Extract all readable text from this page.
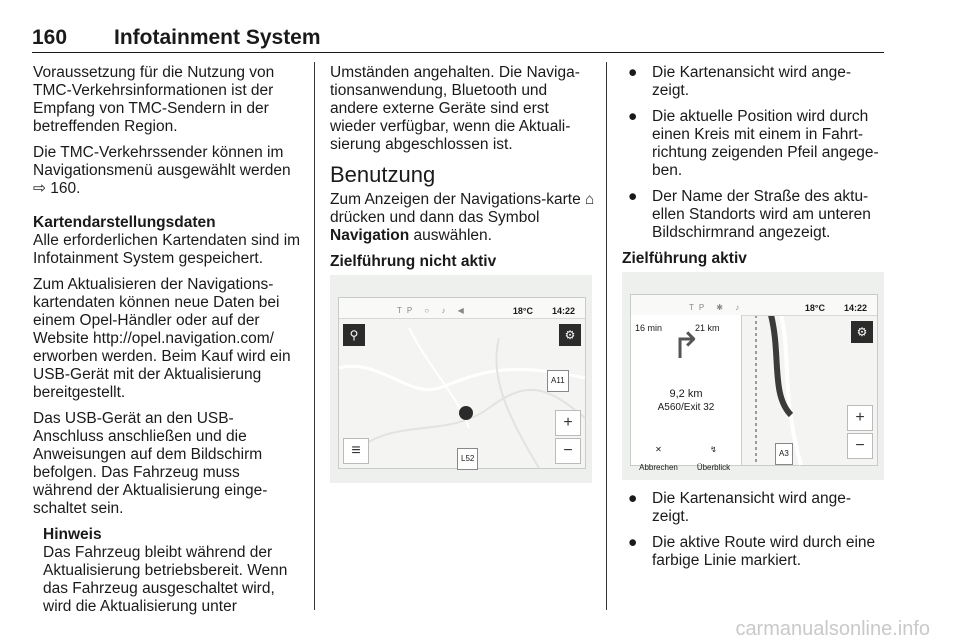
160 Infotainment System

Voraussetzung für die Nutzung von TMC-Verkehrsinformationen ist der Empfang von TMC-Sendern in der betreffenden Region.

Die TMC-Verkehrssender können im Navigationsmenü ausgewählt werden ⇨ 160.

Kartendarstellungsdaten

Alle erforderlichen Kartendaten sind im Infotainment System gespeichert.

Zum Aktualisieren der Navigations-kartendaten können neue Daten bei einem Opel-Händler oder auf der Website http://opel.navigation.com/ erworben werden. Beim Kauf wird ein USB-Gerät mit der Aktualisierung bereitgestellt.

Das USB-Gerät an den USB-Anschluss anschließen und die Anweisungen auf dem Bildschirm befolgen. Das Fahrzeug muss während der Aktualisierung einge-schaltet sein.

Hinweis
Das Fahrzeug bleibt während der Aktualisierung betriebsbereit. Wenn das Fahrzeug ausgeschaltet wird, wird die Aktualisierung unter

Umständen angehalten. Die Naviga-tionsanwendung, Bluetooth und andere externe Geräte sind erst wieder verfügbar, wenn die Aktuali-sierung abgeschlossen ist.

Benutzung

Zum Anzeigen der Navigations-karte ⌂ drücken und dann das Symbol Navigation auswählen.

Zielführung nicht aktiv

TP ○ ♪ ◀	18°C 14:22
⚲	⚙
A11
+
−
≡	L52
● Die Kartenansicht wird ange-zeigt.
● Die aktuelle Position wird durch einen Kreis mit einem in Fahrt-richtung zeigenden Pfeil angege-ben.
● Der Name der Straße des aktu-ellen Standorts wird am unteren Bildschirmrand angezeigt.

Zielführung aktiv

TP ✱ ♪	18°C 14:22
16 min	21 km
↱
9,2 km
A560/Exit 32
✕
Abbrechen
↯
Überblick
⚙
+
−
A3
● Die Kartenansicht wird ange-zeigt.
● Die aktive Route wird durch eine farbige Linie markiert.
carmanualsonline.info
